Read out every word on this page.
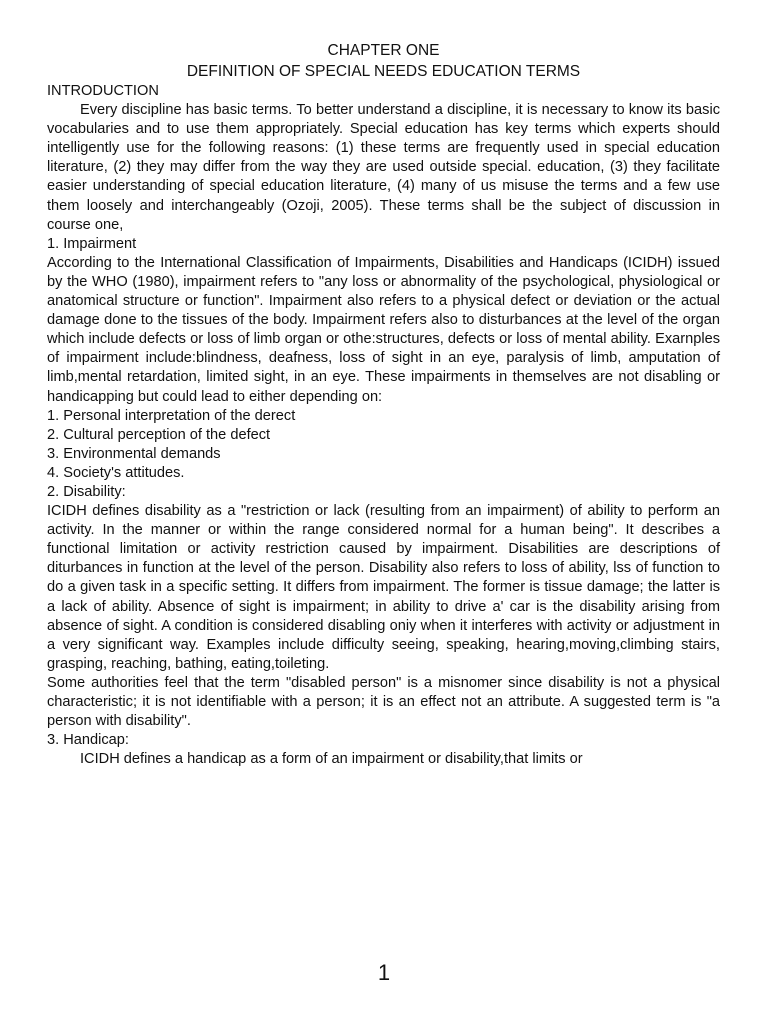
CHAPTER ONE

DEFINITION OF SPECIAL NEEDS EDUCATION TERMS

INTRODUCTION

Every discipline has basic terms. To better understand a discipline, it is necessary to know its basic vocabularies and to use them appropriately. Special education has key terms which experts should intelligently use for the following reasons: (1) these terms are frequently used in special education literature, (2) they may differ from the way they are used outside special. education, (3) they facilitate easier understanding of special education literature, (4) many of us misuse the terms and a few use them loosely and interchangeably (Ozoji, 2005). These terms shall be the subject of discussion in course one,

1. Impairment

According to the International Classification of Impairments, Disabilities and Handicaps (ICIDH) issued by the WHO (1980), impairment refers to "any loss or abnormality of the psychological, physiological or anatomical structure or function". Impairment also refers to a physical defect or deviation or the actual damage done to the tissues of the body. Impairment refers also to disturbances at the level of the organ which include defects or loss of limb organ or othe:structures, defects or loss of mental ability. Exarnples of impairment include:blindness, deafness, loss of sight in an eye, paralysis of limb, amputation of limb,mental retardation, limited sight, in an eye. These impairments in themselves are not disabling or handicapping but could lead to either depending on:

1. Personal interpretation of the derect
2. Cultural perception of the defect
3. Environmental demands
4. Society's attitudes.

2. Disability:

ICIDH defines disability as a "restriction or lack (resulting from an impairment) of ability to perform an activity. In the manner or within the range considered normal for a human being". It describes a functional limitation or activity restriction caused by impairment. Disabilities are descriptions of diturbances in function at the level of the person. Disability also refers to loss of ability, lss of function to do a given task in a specific setting. It differs from impairment. The former is tissue damage; the latter is a lack of ability. Absence of sight is impairment; in ability to drive a' car is the disability arising from absence of sight. A condition is considered disabling oniy when it interferes with activity or adjustment in a very significant way. Examples include difficulty seeing, speaking, hearing,moving,climbing stairs, grasping, reaching, bathing, eating,toileting.

Some authorities feel that the term "disabled person" is a misnomer since disability is not a physical characteristic; it is not identifiable with a person; it is an effect not an attribute. A suggested term is "a person with disability".

3. Handicap:

ICIDH defines a handicap as a form of an impairment or disability,that limits or

1
